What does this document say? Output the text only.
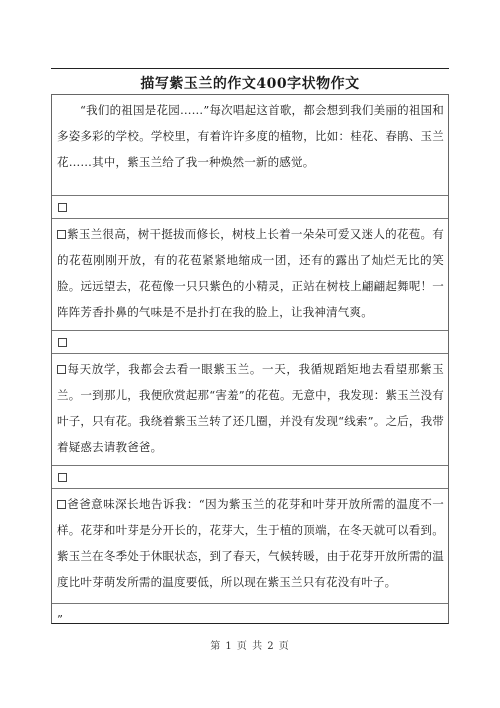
描写紫玉兰的作文400字状物作文
“我们的祖国是花园……”每次唱起这首歌，都会想到我们美丽的祖国和多姿多彩的学校。学校里，有着许许多度的植物，比如：桂花、春鹃、玉兰花……其中，紫玉兰给了我一种焕然一新的感觉。
紫玉兰很高，树干挺拔而修长，树枝上长着一朵朵可爱又迷人的花苞。有的花苞刚刚开放，有的花苞紧紧地缩成一团，还有的露出了灿烂无比的笑脸。远远望去，花苞像一只只紫色的小精灵，正站在树枝上翩翩起舞呢！一阵阵芳香扑鼻的气味是不是扑打在我的脸上，让我神清气爽。
每天放学，我都会去看一眼紫玉兰。一天，我循规蹈矩地去看望那紫玉兰。一到那儿，我便欣赏起那“害羞”的花苞。无意中，我发现：紫玉兰没有叶子，只有花。我绕着紫玉兰转了还几圈，并没有发现“线索”。之后，我带着疑惑去请教爸爸。
爸爸意味深长地告诉我：“因为紫玉兰的花芽和叶芽开放所需的温度不一样。花芽和叶芽是分开长的，花芽大，生于植的顶端，在冬天就可以看到。紫玉兰在冬季处于休眠状态，到了春天，气候转暖，由于花芽开放所需的温度比叶芽萌发所需的温度要低，所以现在紫玉兰只有花没有叶子。
”
第 1 页 共 2 页
